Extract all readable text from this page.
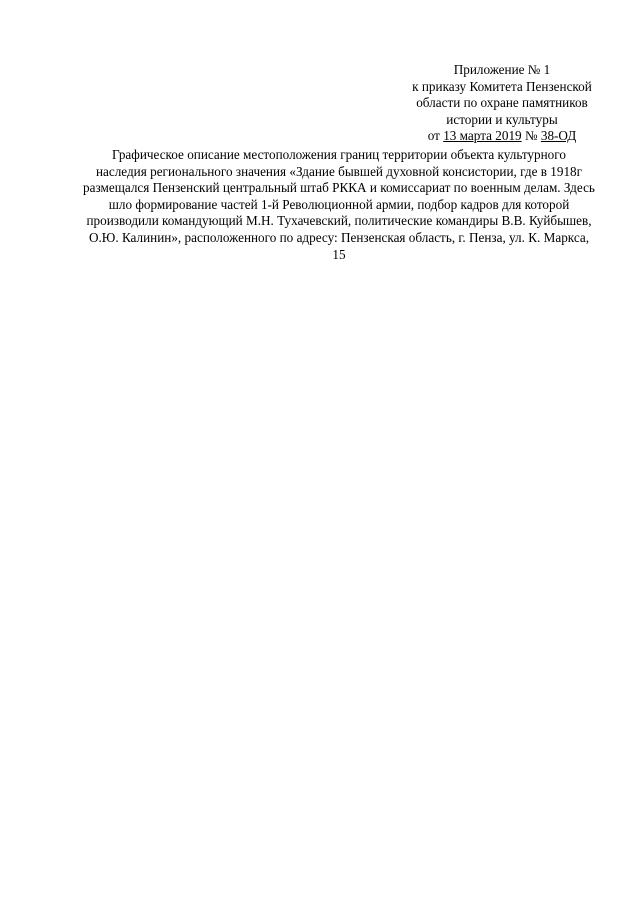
Приложение № 1
к приказу Комитета Пензенской
области по охране памятников
истории и культуры
от 13 марта 2019 № 38-ОД
Графическое описание местоположения границ территории объекта культурного
наследия регионального значения «Здание бывшей духовной консистории, где в 1918г
размещался Пензенский центральный штаб РККА и комиссариат по военным делам. Здесь
шло формирование частей 1-й Революционной армии, подбор кадров для которой
производили командующий М.Н. Тухачевский, политические командиры В.В. Куйбышев,
О.Ю. Калинин», расположенного по адресу: Пензенская область, г. Пенза, ул. К. Маркса,
15
